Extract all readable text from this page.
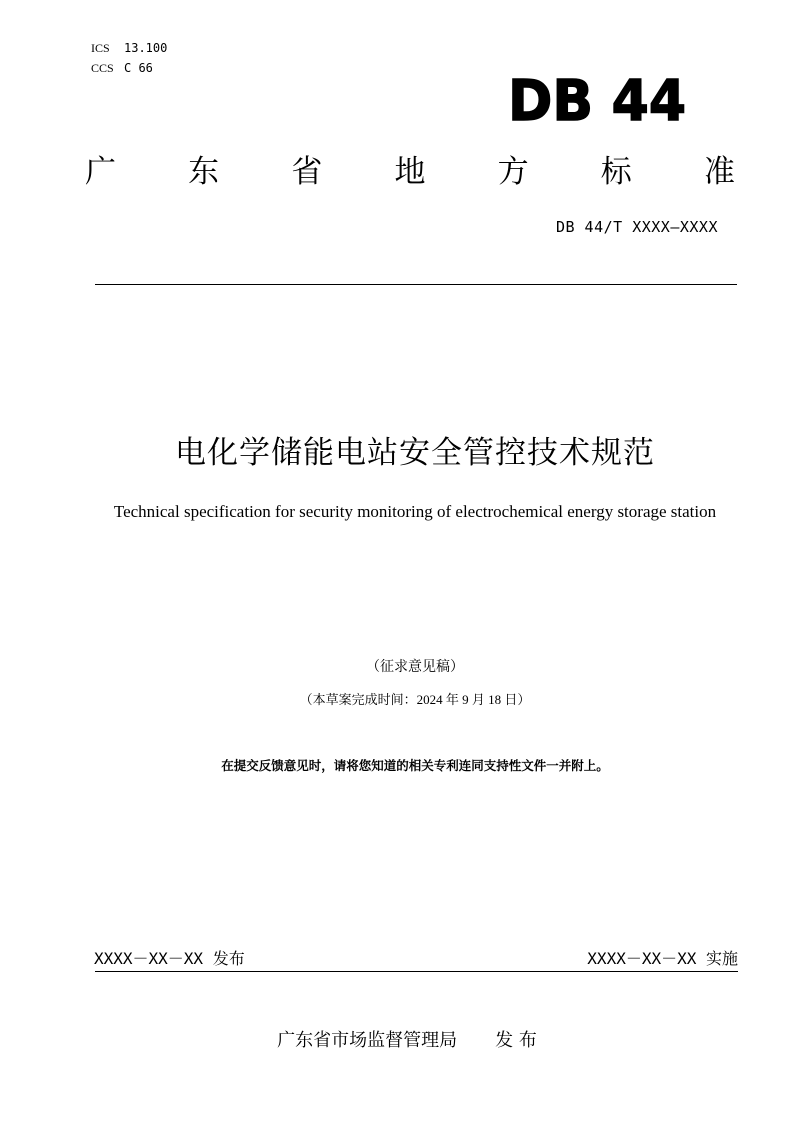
ICS 13.100
CCS C 66
DB 44
广 东 省 地 方 标 准
DB 44/T XXXX—XXXX
电化学储能电站安全管控技术规范
Technical specification for security monitoring of electrochemical energy storage station
（征求意见稿）
（本草案完成时间：2024 年 9 月 18 日）
在提交反馈意见时，请将您知道的相关专利连同支持性文件一并附上。
XXXX－XX－XX 发布	XXXX－XX－XX 实施
广东省市场监督管理局 发 布
